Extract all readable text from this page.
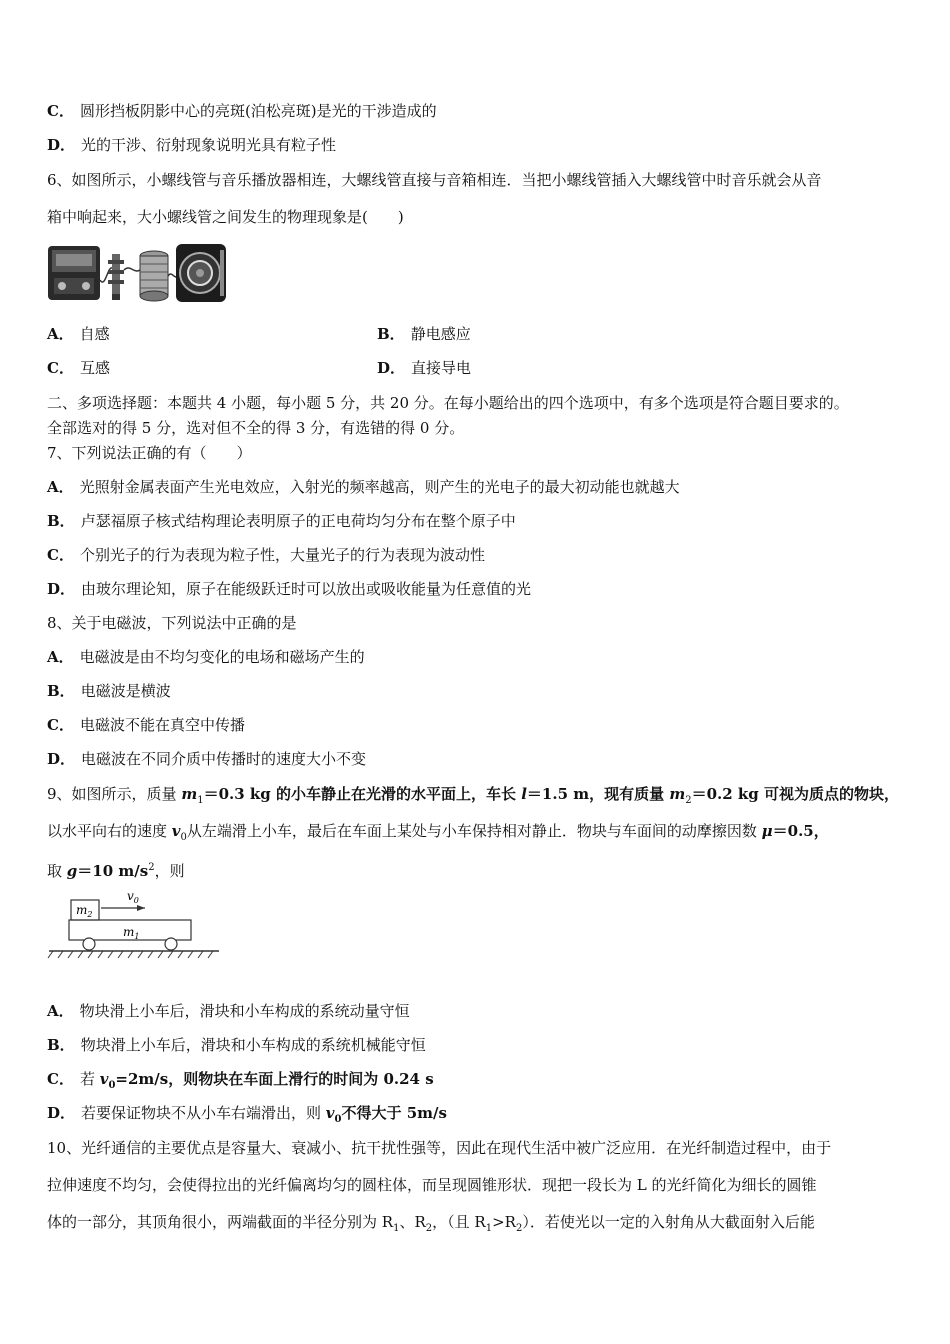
C． 圆形挡板阴影中心的亮斑(泊松亮斑)是光的干涉造成的
D． 光的干涉、衍射现象说明光具有粒子性
6、如图所示，小螺线管与音乐播放器相连，大螺线管直接与音箱相连．当把小螺线管插入大螺线管中时音乐就会从音
箱中响起来，大小螺线管之间发生的物理现象是(　　)
A． 自感	B． 静电感应
C． 互感	D． 直接导电
二、多项选择题：本题共 4 小题，每小题 5 分，共 20 分。在每小题给出的四个选项中，有多个选项是符合题目要求的。
全部选对的得 5 分，选对但不全的得 3 分，有选错的得 0 分。
7、下列说法正确的有（　　）
A． 光照射金属表面产生光电效应，入射光的频率越高，则产生的光电子的最大初动能也就越大
B． 卢瑟福原子核式结构理论表明原子的正电荷均匀分布在整个原子中
C． 个别光子的行为表现为粒子性，大量光子的行为表现为波动性
D． 由玻尔理论知，原子在能级跃迁时可以放出或吸收能量为任意值的光
8、关于电磁波，下列说法中正确的是
A． 电磁波是由不均匀变化的电场和磁场产生的
B． 电磁波是横波
C． 电磁波不能在真空中传播
D． 电磁波在不同介质中传播时的速度大小不变
9、如图所示，质量 $m_1=0.3$ kg 的小车静止在光滑的水平面上，车长 l＝1.5 m，现有质量 $m_2=0.2$ kg 可视为质点的物块，
以水平向右的速度 $v_0$从左端滑上小车，最后在车面上某处与小车保持相对静止．物块与车面间的动摩擦因数 μ＝0.5，
取 g＝10 $m/s^2$，则
$m_2$
$v_0$
$m_1$
A． 物块滑上小车后，滑块和小车构成的系统动量守恒
B． 物块滑上小车后，滑块和小车构成的系统机械能守恒
C． 若 $v_0=2m/s$，则物块在车面上滑行的时间为 0.24 s
D． 若要保证物块不从小车右端滑出，则 $v_0$不得大于 5m/s
10、光纤通信的主要优点是容量大、衰减小、抗干扰性强等，因此在现代生活中被广泛应用．在光纤制造过程中，由于
拉伸速度不均匀，会使得拉出的光纤偏离均匀的圆柱体，而呈现圆锥形状．现把一段长为 L 的光纤简化为细长的圆锥
体的一部分，其顶角很小，两端截面的半径分别为 $R_1$、$R_2$，（且 $R_1>R_2$）．若使光以一定的入射角从大截面射入后能
